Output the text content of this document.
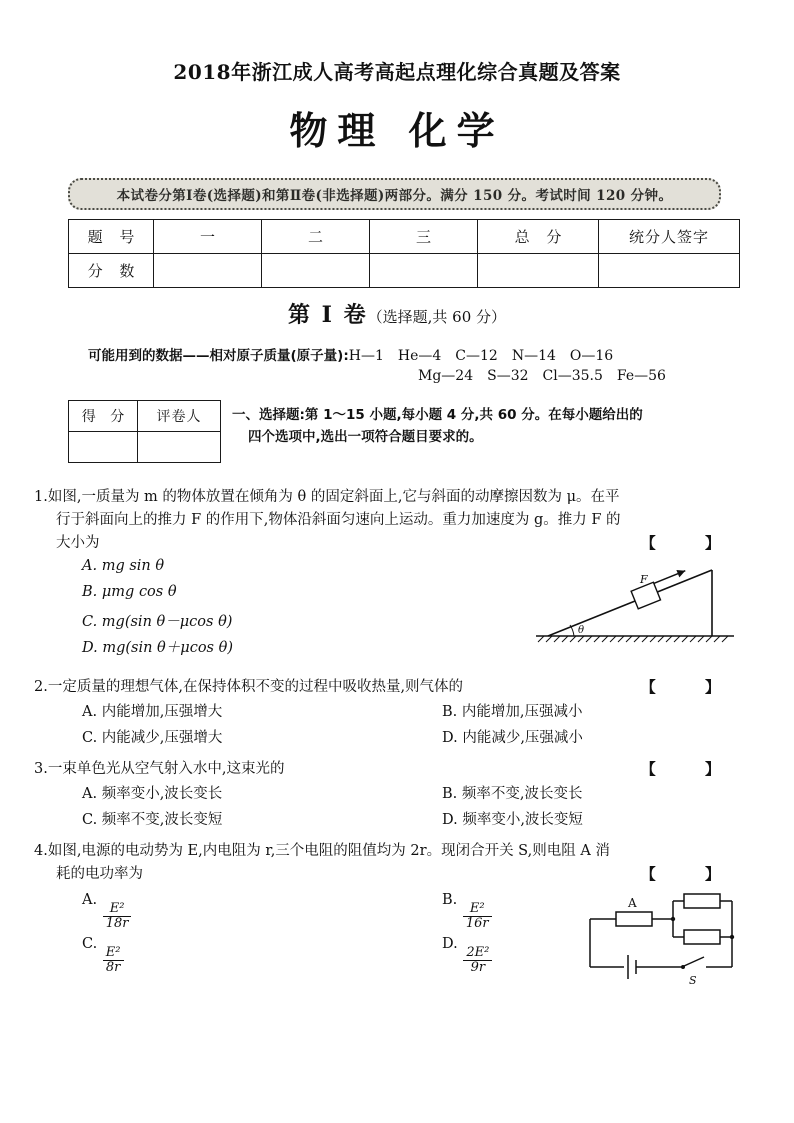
2018年浙江成人高考高起点理化综合真题及答案
物理 化学
本试卷分第Ⅰ卷(选择题)和第Ⅱ卷(非选择题)两部分。满分 150 分。考试时间 120 分钟。
题 号	一	二	三	总 分	统分人签字
分 数					
第 Ⅰ 卷（选择题,共 60 分）
可能用到的数据——相对原子质量(原子量):H—1 He—4 C—12 N—14 O—16
Mg—24 S—32 Cl—35.5 Fe—56
得 分	评卷人
	一、选择题:第 1～15 小题,每小题 4 分,共 60 分。在每小题给出的
四个选项中,选出一项符合题目要求的。
1.如图,一质量为 m 的物体放置在倾角为 θ 的固定斜面上,它与斜面的动摩擦因数为 μ。在平
行于斜面向上的推力 F 的作用下,物体沿斜面匀速向上运动。重力加速度为 g。推力 F 的
大小为	【 】
A. mg sin θ
B. μmg cos θ
C. mg(sin θ－μcos θ)
D. mg(sin θ＋μcos θ)
θ
F
2.一定质量的理想气体,在保持体积不变的过程中吸收热量,则气体的	【 】
A. 内能增加,压强增大	B. 内能增加,压强减小
C. 内能减少,压强增大	D. 内能减少,压强减小
3.一束单色光从空气射入水中,这束光的	【 】
A. 频率变小,波长变长	B. 频率不变,波长变长
C. 频率不变,波长变短	D. 频率变小,波长变短
4.如图,电源的电动势为 E,内电阻为 r,三个电阻的阻值均为 2r。现闭合开关 S,则电阻 A 消
耗的电功率为	【 】
A.
$\frac{\text{E²}}{18r}$
B.
$\frac{\text{E²}}{16r}$
C.
$\frac{\text{E²}}{8r}$
D.
$\frac{\text{2E²}}{9r}$
A
S
